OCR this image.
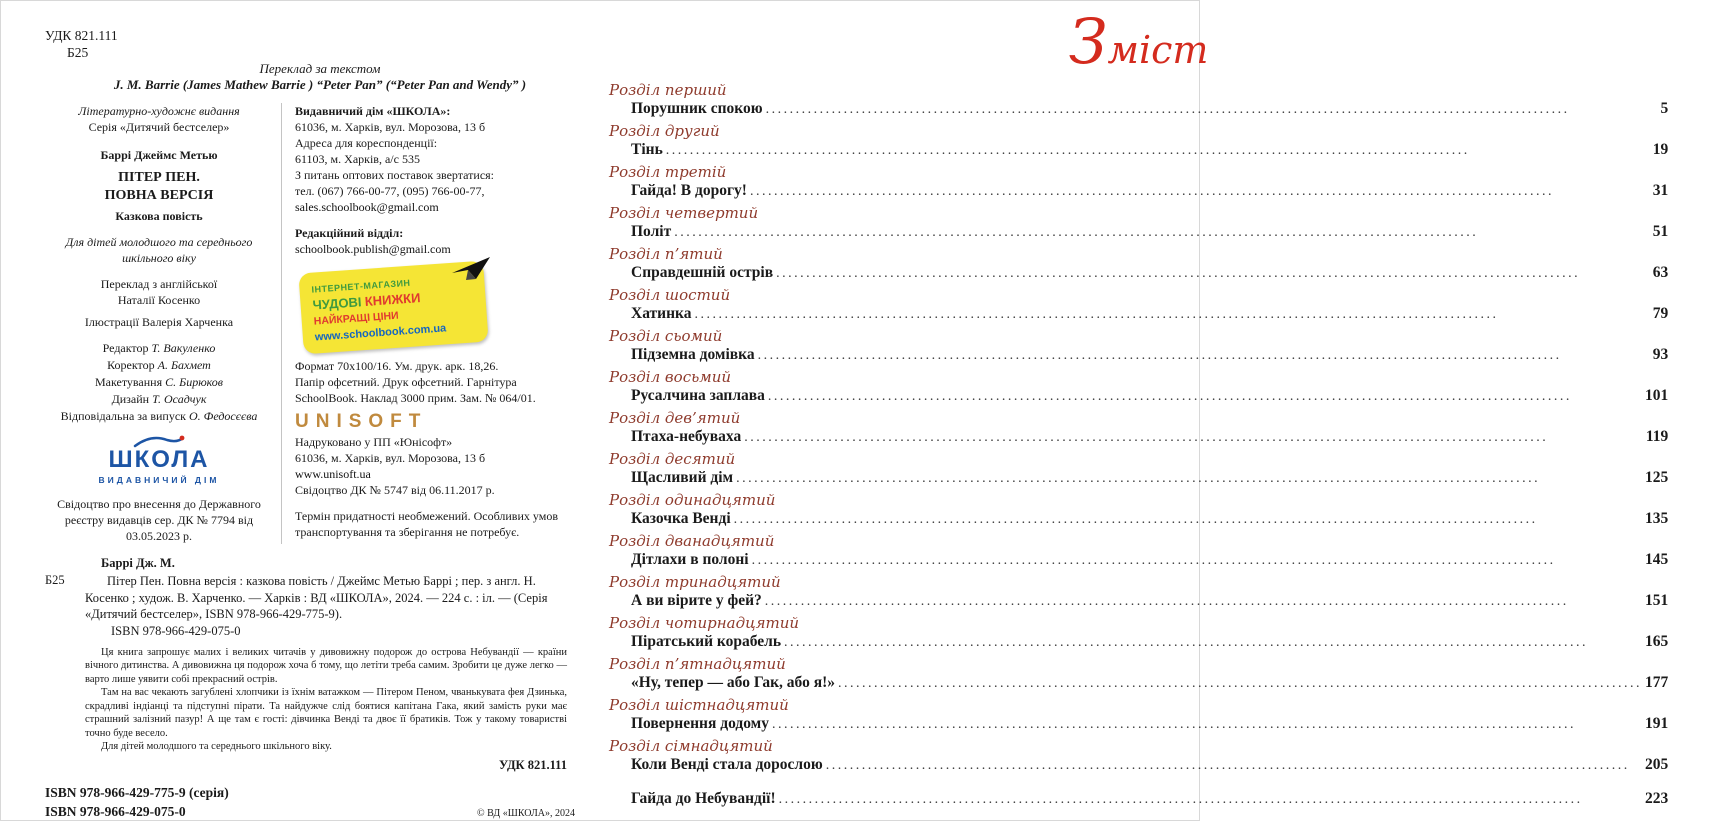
УДК 821.111
Б25
Переклад за текстом
J. M. Barrie (James Mathew Barrie ) “Peter Pan” (“Peter Pan and Wendy” )
Літературно-художнє видання
Серія «Дитячий бестселер»
Баррі Джеймс Метью
ПІТЕР ПЕН.
ПОВНА ВЕРСІЯ
Казкова повість
Для дітей молодшого та середнього шкільного віку
Переклад з англійської
Наталії Косенко
Ілюстрації Валерія Харченка
Редактор Т. Вакуленко
Коректор А. Бахмет
Макетування С. Бирюков
Дизайн Т. Осадчук
Відповідальна за випуск О. Федосєєва
ШКОЛА
ВИДАВНИЧИЙ ДІМ
Свідоцтво про внесення до Державного реєстру видавців сер. ДК № 7794 від 03.05.2023 р.
Видавничий дім «ШКОЛА»:
61036, м. Харків, вул. Морозова, 13 б
Адреса для кореспонденції:
61103, м. Харків, а/с 535
З питань оптових поставок звертатися:
тел. (067) 766-00-77, (095) 766-00-77,
sales.schoolbook@gmail.com
Редакційний відділ:
schoolbook.publish@gmail.com
ІНТЕРНЕТ-МАГАЗИН
ЧУДОВІ КНИЖКИ
НАЙКРАЩІ ЦІНИ
www.schoolbook.com.ua
Формат 70х100/16. Ум. друк. арк. 18,26.
Папір офсетний. Друк офсетний. Гарнітура SchoolBook. Наклад 3000 прим. Зам. № 064/01.
UNISOFT
Надруковано у ПП «Юнісофт»
61036, м. Харків, вул. Морозова, 13 б
www.unisoft.ua
Свідоцтво ДК № 5747 від 06.11.2017 р.
Термін придатності необмежений. Особливих умов транспортування та зберігання не потребує.
Баррі Дж. М.
Б25	Пітер Пен. Повна версія : казкова повість / Джеймс Метью Баррі ; пер. з англ. Н. Косенко ; худож. В. Харченко. — Харків : ВД «ШКОЛА», 2024. — 224 с. : іл. — (Серія «Дитячий бестселер», ISBN 978-966-429-775-9).

ISBN 978-966-429-075-0

Ця книга запрошує малих і великих читачів у дивовижну подорож до острова Небувандії — країни вічного дитинства. А дивовижна ця подорож хоча б тому, що летіти треба самим. Зробити це дуже легко — варто лише уявити собі прекрасний острів.

Там на вас чекають загублені хлопчики із їхнім ватажком — Пітером Пеном, чванькувата фея Дзинька, скрадливі індіанці та підступні пірати. Та найдужче слід боятися капітана Гака, який замість руки має страшний залізний пазур! А ще там є гості: дівчинка Венді та двоє її братиків. Тож у такому товаристві точно буде весело.

Для дітей молодшого та середнього шкільного віку.

УДК 821.111
ISBN 978-966-429-775-9 (серія)
ISBN 978-966-429-075-0	© ВД «ШКОЛА», 2024
Зміст
Розділ перший
Порушник спокою .....	5
Розділ другий
Тінь .....	19
Розділ третій
Гайда! В дорогу! .....	31
Розділ четвертий
Політ .....	51
Розділ п’ятий
Справдешній острів .....	63
Розділ шостий
Хатинка .....	79
Розділ сьомий
Підземна домівка .....	93
Розділ восьмий
Русалчина заплава .....	101
Розділ дев’ятий
Птаха-небуваха .....	119
Розділ десятий
Щасливий дім .....	125
Розділ одинадцятий
Казочка Венді .....	135
Розділ дванадцятий
Дітлахи в полоні .....	145
Розділ тринадцятий
А ви вірите у фей? .....	151
Розділ чотирнадцятий
Піратський корабель .....	165
Розділ п’ятнадцятий
«Ну, тепер — або Гак, або я!» .....	177
Розділ шістнадцятий
Повернення додому .....	191
Розділ сімнадцятий
Коли Венді стала дорослою .....	205
Гайда до Небувандії! .....	223
